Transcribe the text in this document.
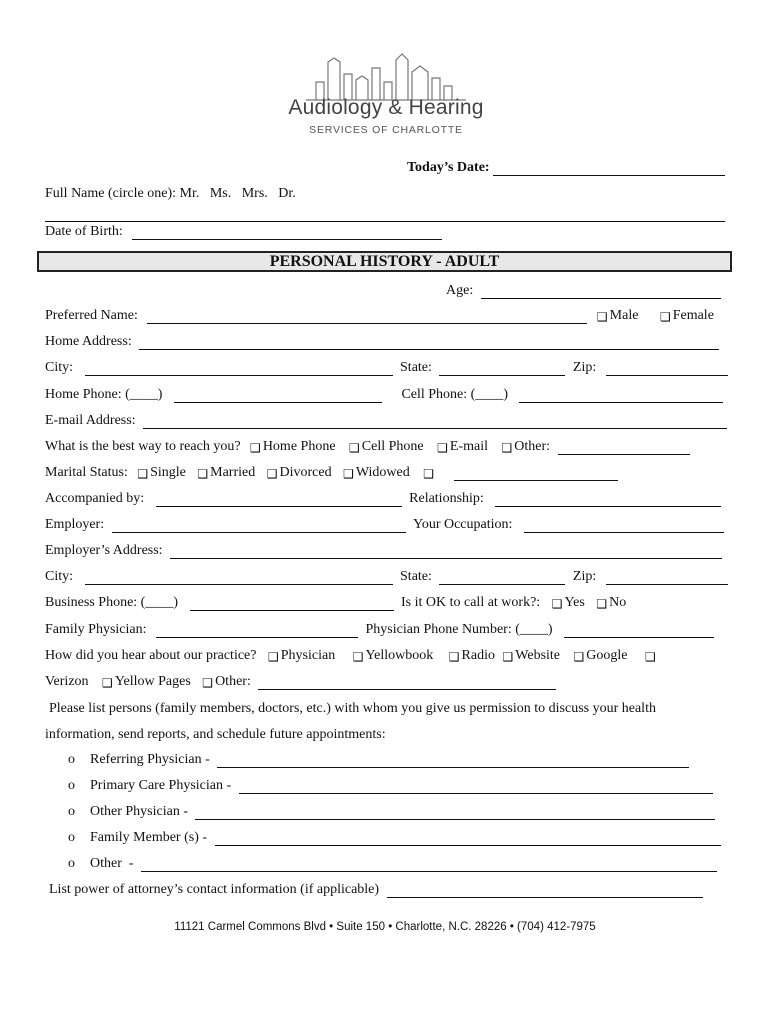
Audiology & Hearing
SERVICES OF CHARLOTTE
Today’s Date:
Full Name (circle one): Mr.   Ms.   Mrs.   Dr.
Date of Birth:
PERSONAL HISTORY - ADULT
Age:
Preferred Name:	❑ Male ❑ Female
Home Address:
City:	State:	Zip:
Home Phone: (____)	Cell Phone: (____)
E-mail Address:
What is the best way to reach you? ❑ Home Phone ❑ Cell Phone ❑ E-mail ❑ Other:
Marital Status: ❑ Single ❑ Married ❑ Divorced ❑ Widowed ❑
Accompanied by:	Relationship:
Employer:	Your Occupation:
Employer’s Address:
City:	State:	Zip:
Business Phone: (____)	Is it OK to call at work?: ❑ Yes ❑ No
Family Physician:	Physician Phone Number: (____)
How did you hear about our practice? ❑ Physician ❑ Yellowbook ❑ Radio ❑ Website ❑ Google ❑
Verizon ❑ Yellow Pages ❑ Other:
Please list persons (family members, doctors, etc.) with whom you give us permission to discuss your health
information, send reports, and schedule future appointments:
o Referring Physician -
o Primary Care Physician -
o Other Physician -
o Family Member (s) -
o Other  -
List power of attorney’s contact information (if applicable)
11121 Carmel Commons Blvd • Suite 150 • Charlotte, N.C. 28226 • (704) 412-7975
